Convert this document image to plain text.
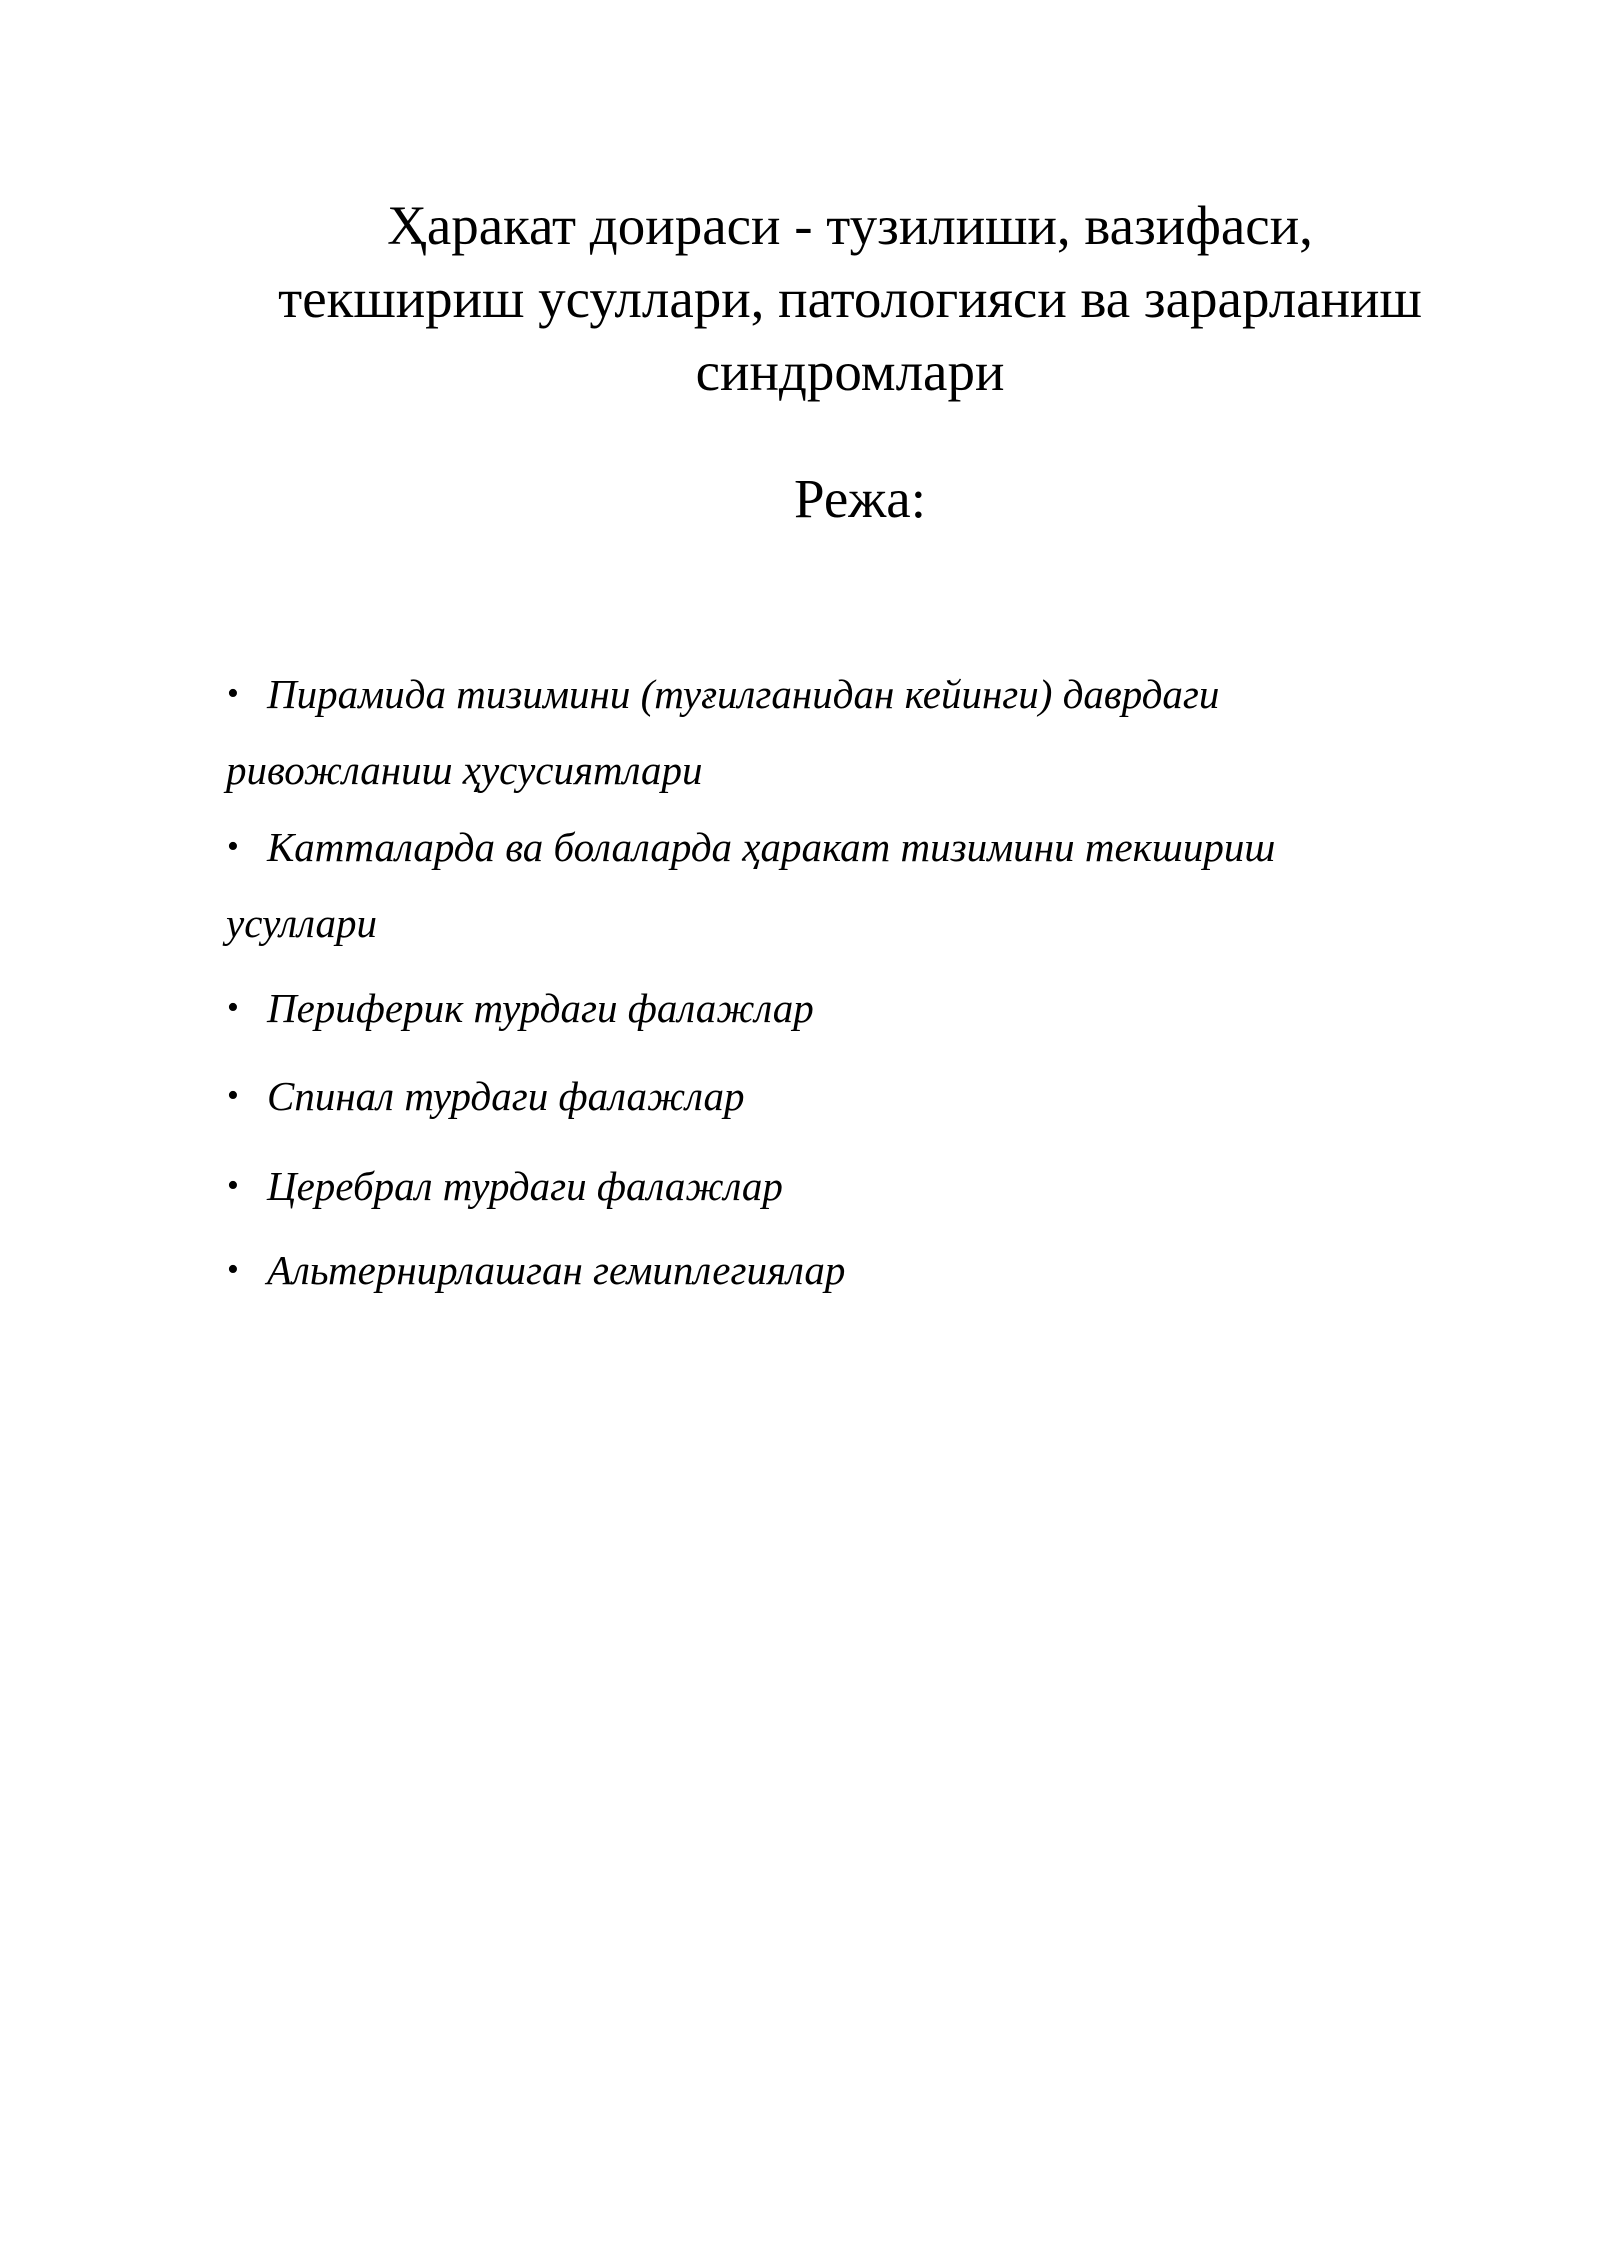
Ҳаракат доираси - тузилиши, вазифаси,
текшириш усуллари, патологияси ва зарарланиш
синдромлари
Режа:
• Пирамида тизимини (туғилганидан кейинги) даврдаги
ривожланиш ҳусусиятлари
• Катталарда ва болаларда ҳаракат тизимини текшириш
усуллари
• Периферик турдаги фалажлар
• Спинал турдаги фалажлар
• Церебрал турдаги фалажлар
• Альтернирлашган гемиплегиялар
